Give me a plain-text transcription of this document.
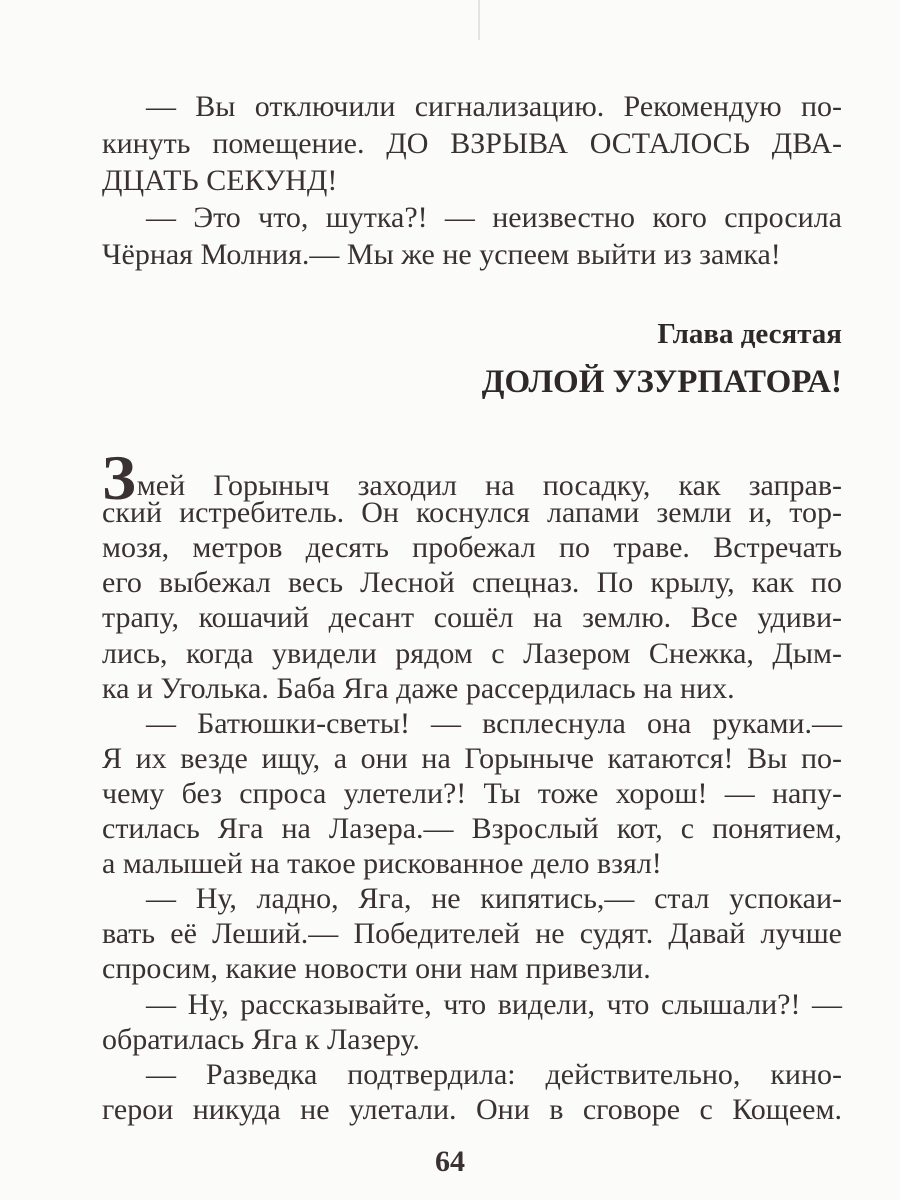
— Вы отключили сигнализацию. Рекомендую по-
кинуть помещение. ДО ВЗРЫВА ОСТАЛОСЬ ДВА-
ДЦАТЬ СЕКУНД!
— Это что, шутка?! — неизвестно кого спросила
Чёрная Молния.— Мы же не успеем выйти из замка!
Глава десятая
ДОЛОЙ УЗУРПАТОРА!
Змей Горыныч заходил на посадку, как заправ-
ский истребитель. Он коснулся лапами земли и, тор-
мозя, метров десять пробежал по траве. Встречать
его выбежал весь Лесной спецназ. По крылу, как по
трапу, кошачий десант сошёл на землю. Все удиви-
лись, когда увидели рядом с Лазером Снежка, Дым-
ка и Уголька. Баба Яга даже рассердилась на них.
— Батюшки-светы! — всплеснула она руками.—
Я их везде ищу, а они на Горыныче катаются! Вы по-
чему без спроса улетели?! Ты тоже хорош! — напу-
стилась Яга на Лазера.— Взрослый кот, с понятием,
а малышей на такое рискованное дело взял!
— Ну, ладно, Яга, не кипятись,— стал успокаи-
вать её Леший.— Победителей не судят. Давай лучше
спросим, какие новости они нам привезли.
— Ну, рассказывайте, что видели, что слышали?! —
обратилась Яга к Лазеру.
— Разведка подтвердила: действительно, кино-
герои никуда не улетали. Они в сговоре с Кощеем.
64
